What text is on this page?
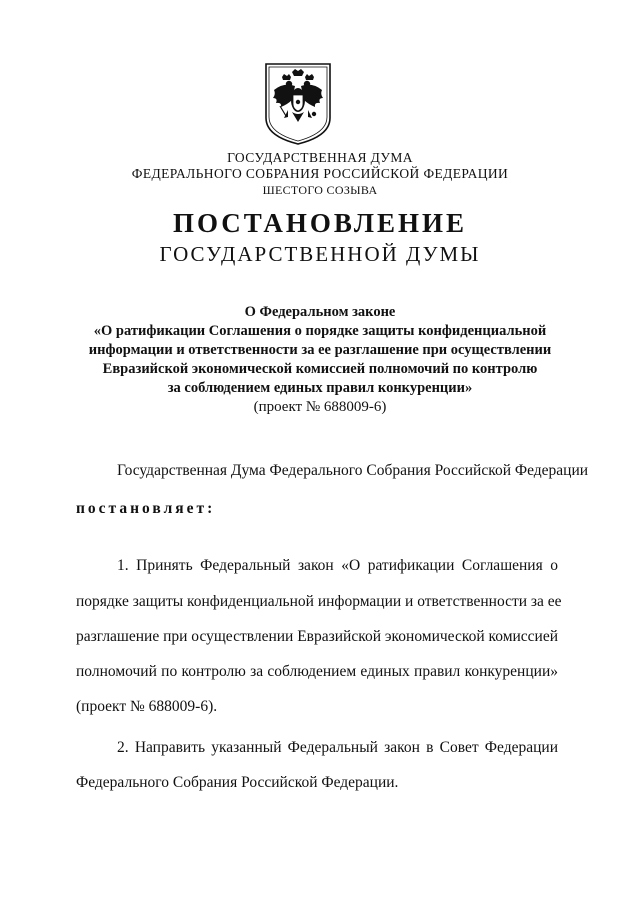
ГОСУДАРСТВЕННАЯ ДУМА
ФЕДЕРАЛЬНОГО СОБРАНИЯ РОССИЙСКОЙ ФЕДЕРАЦИИ
ШЕСТОГО СОЗЫВА
ПОСТАНОВЛЕНИЕ
ГОСУДАРСТВЕННОЙ ДУМЫ
О Федеральном законе
«О ратификации Соглашения о порядке защиты конфиденциальной
информации и ответственности за ее разглашение при осуществлении
Евразийской экономической комиссией полномочий по контролю
за соблюдением единых правил конкуренции»
(проект № 688009-6)
Государственная Дума Федерального Собрания Российской Федерации
постановляет:
1. Принять Федеральный закон «О ратификации Соглашения о
порядке защиты конфиденциальной информации и ответственности за ее
разглашение при осуществлении Евразийской экономической комиссией
полномочий по контролю за соблюдением единых правил конкуренции»
(проект № 688009-6).
2. Направить указанный Федеральный закон в Совет Федерации
Федерального Собрания Российской Федерации.
